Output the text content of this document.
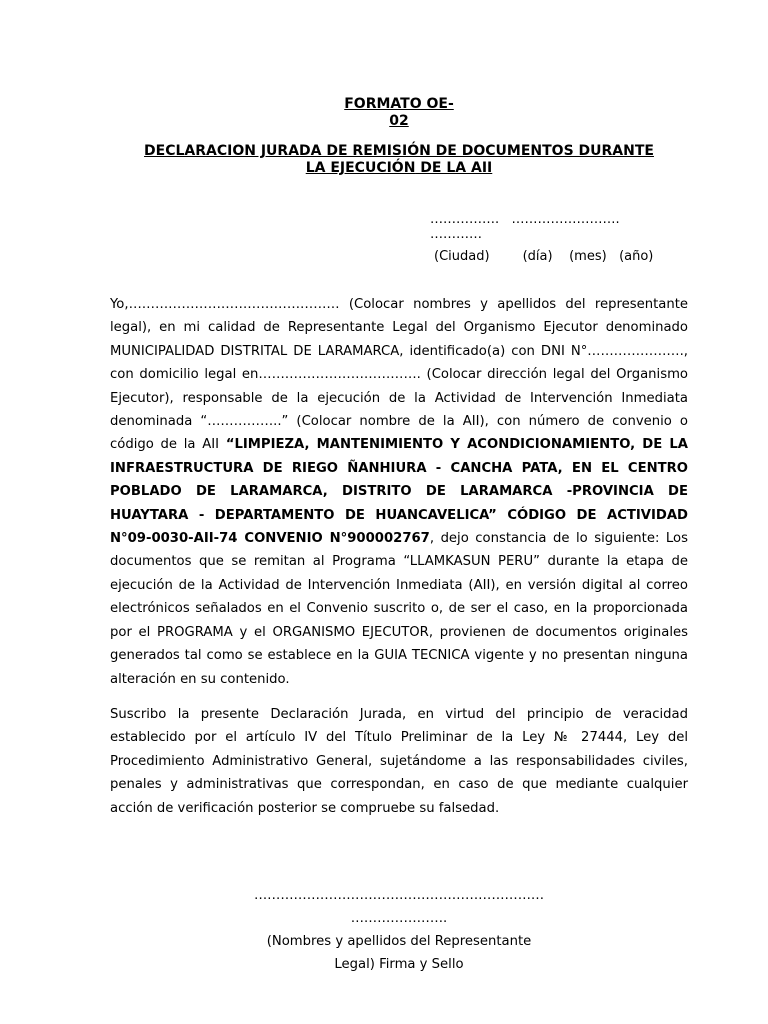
FORMATO OE-
02
DECLARACION JURADA DE REMISIÓN DE DOCUMENTOS DURANTE
LA EJECUCIÓN DE LA AII
……………. …………………….
…………
(Ciudad)        (día)    (mes)   (año)

Yo,………………………………………… (Colocar nombres y apellidos del representante legal), en mi calidad de Representante Legal del Organismo Ejecutor denominado MUNICIPALIDAD DISTRITAL DE LARAMARCA, identificado(a) con DNI N°…………………., con domicilio legal en………………………………. (Colocar dirección legal del Organismo Ejecutor), responsable de la ejecución de la Actividad de Intervención Inmediata denominada “……………..” (Colocar nombre de la AII), con número de convenio o código de la AII “LIMPIEZA, MANTENIMIENTO Y ACONDICIONAMIENTO, DE LA INFRAESTRUCTURA DE RIEGO ÑANHIURA - CANCHA PATA, EN EL CENTRO POBLADO DE LARAMARCA, DISTRITO DE LARAMARCA -PROVINCIA DE HUAYTARA - DEPARTAMENTO DE HUANCAVELICA” CÓDIGO DE ACTIVIDAD N°09-0030-AII-74 CONVENIO N°900002767, dejo constancia de lo siguiente: Los documentos que se remitan al Programa “LLAMKASUN PERU” durante la etapa de ejecución de la Actividad de Intervención Inmediata (AII), en versión digital al correo electrónicos señalados en el Convenio suscrito o, de ser el caso, en la proporcionada por el PROGRAMA y el ORGANISMO EJECUTOR, provienen de documentos originales generados tal como se establece en la GUIA TECNICA vigente y no presentan ninguna alteración en su contenido.

Suscribo la presente Declaración Jurada, en virtud del principio de veracidad establecido por el artículo IV del Título Preliminar de la Ley № 27444, Ley del Procedimiento Administrativo General, sujetándome a las responsabilidades civiles, penales y administrativas que correspondan, en caso de que mediante cualquier acción de verificación posterior se compruebe su falsedad.

…………………………………………………………
………………….
(Nombres y apellidos del Representante
Legal) Firma y Sello
